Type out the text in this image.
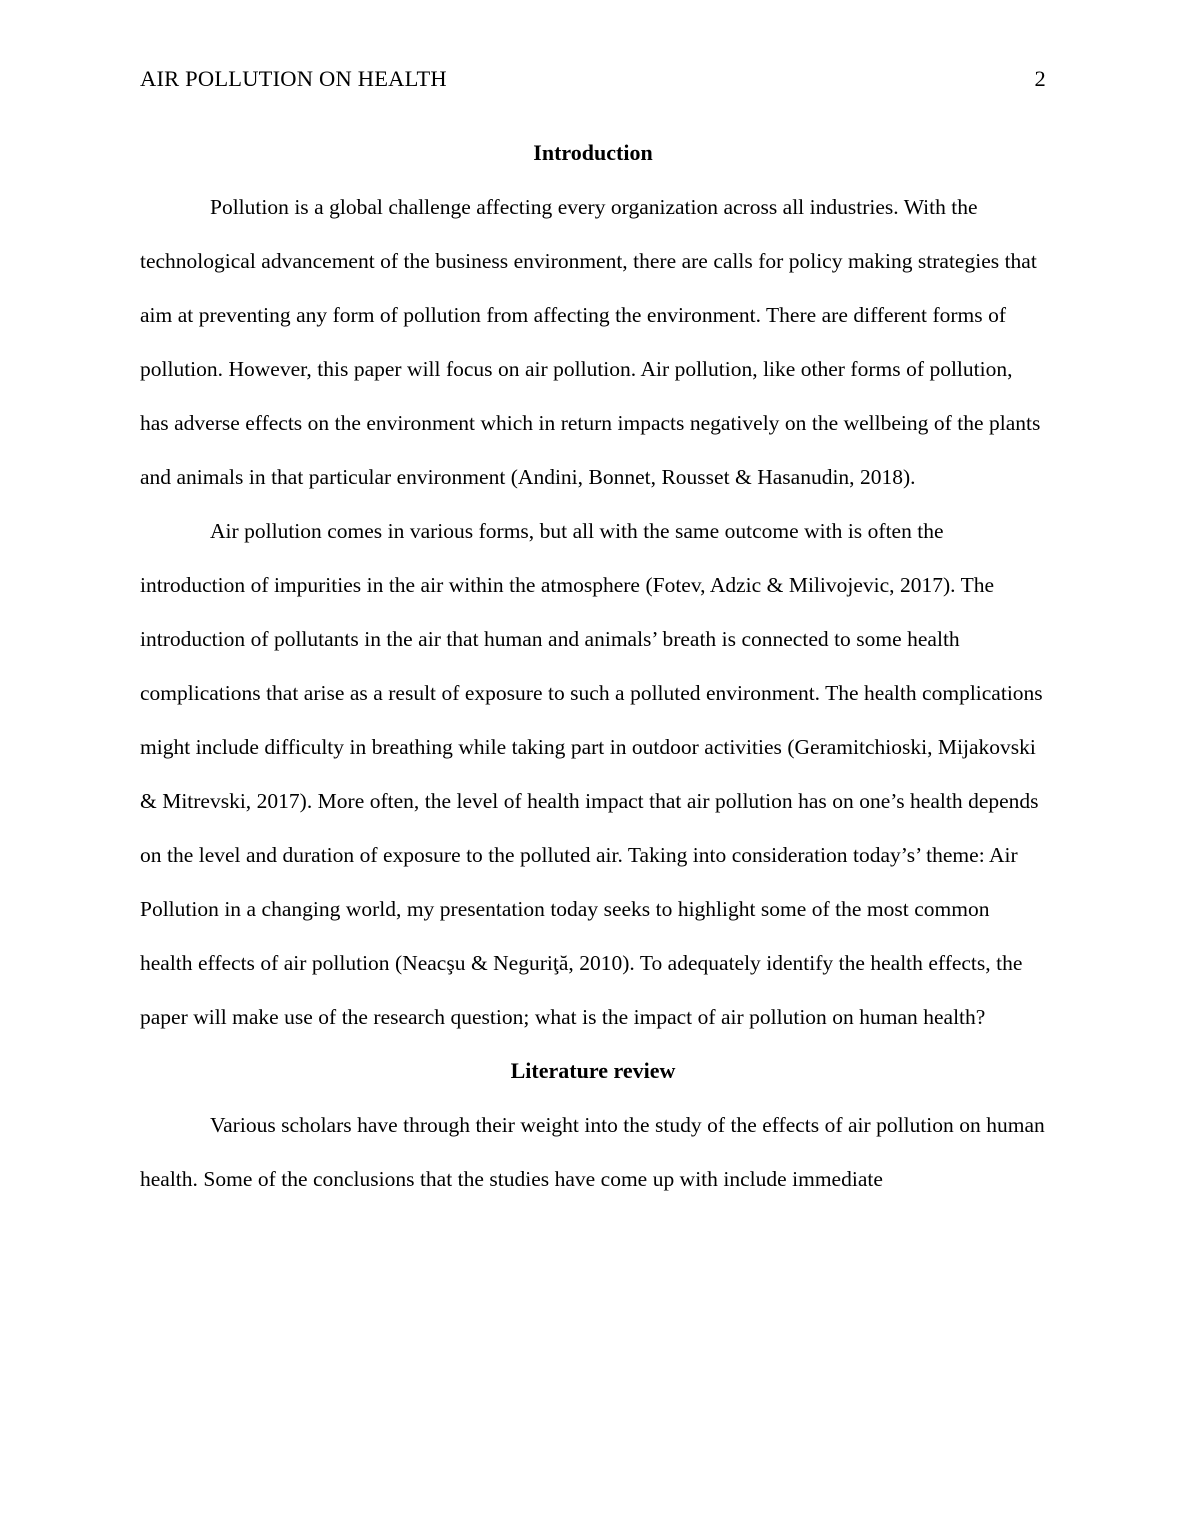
AIR POLLUTION ON HEALTH	2
Introduction

Pollution is a global challenge affecting every organization across all industries. With the technological advancement of the business environment, there are calls for policy making strategies that aim at preventing any form of pollution from affecting the environment. There are different forms of pollution. However, this paper will focus on air pollution. Air pollution, like other forms of pollution, has adverse effects on the environment which in return impacts negatively on the wellbeing of the plants and animals in that particular environment (Andini, Bonnet, Rousset & Hasanudin, 2018).

Air pollution comes in various forms, but all with the same outcome with is often the introduction of impurities in the air within the atmosphere (Fotev, Adzic & Milivojevic, 2017). The introduction of pollutants in the air that human and animals’ breath is connected to some health complications that arise as a result of exposure to such a polluted environment. The health complications might include difficulty in breathing while taking part in outdoor activities (Geramitchioski, Mijakovski & Mitrevski, 2017). More often, the level of health impact that air pollution has on one’s health depends on the level and duration of exposure to the polluted air. Taking into consideration today’s’ theme: Air Pollution in a changing world, my presentation today seeks to highlight some of the most common health effects of air pollution (Neacşu & Neguriţă, 2010). To adequately identify the health effects, the paper will make use of the research question; what is the impact of air pollution on human health?

Literature review

Various scholars have through their weight into the study of the effects of air pollution on human health. Some of the conclusions that the studies have come up with include immediate
